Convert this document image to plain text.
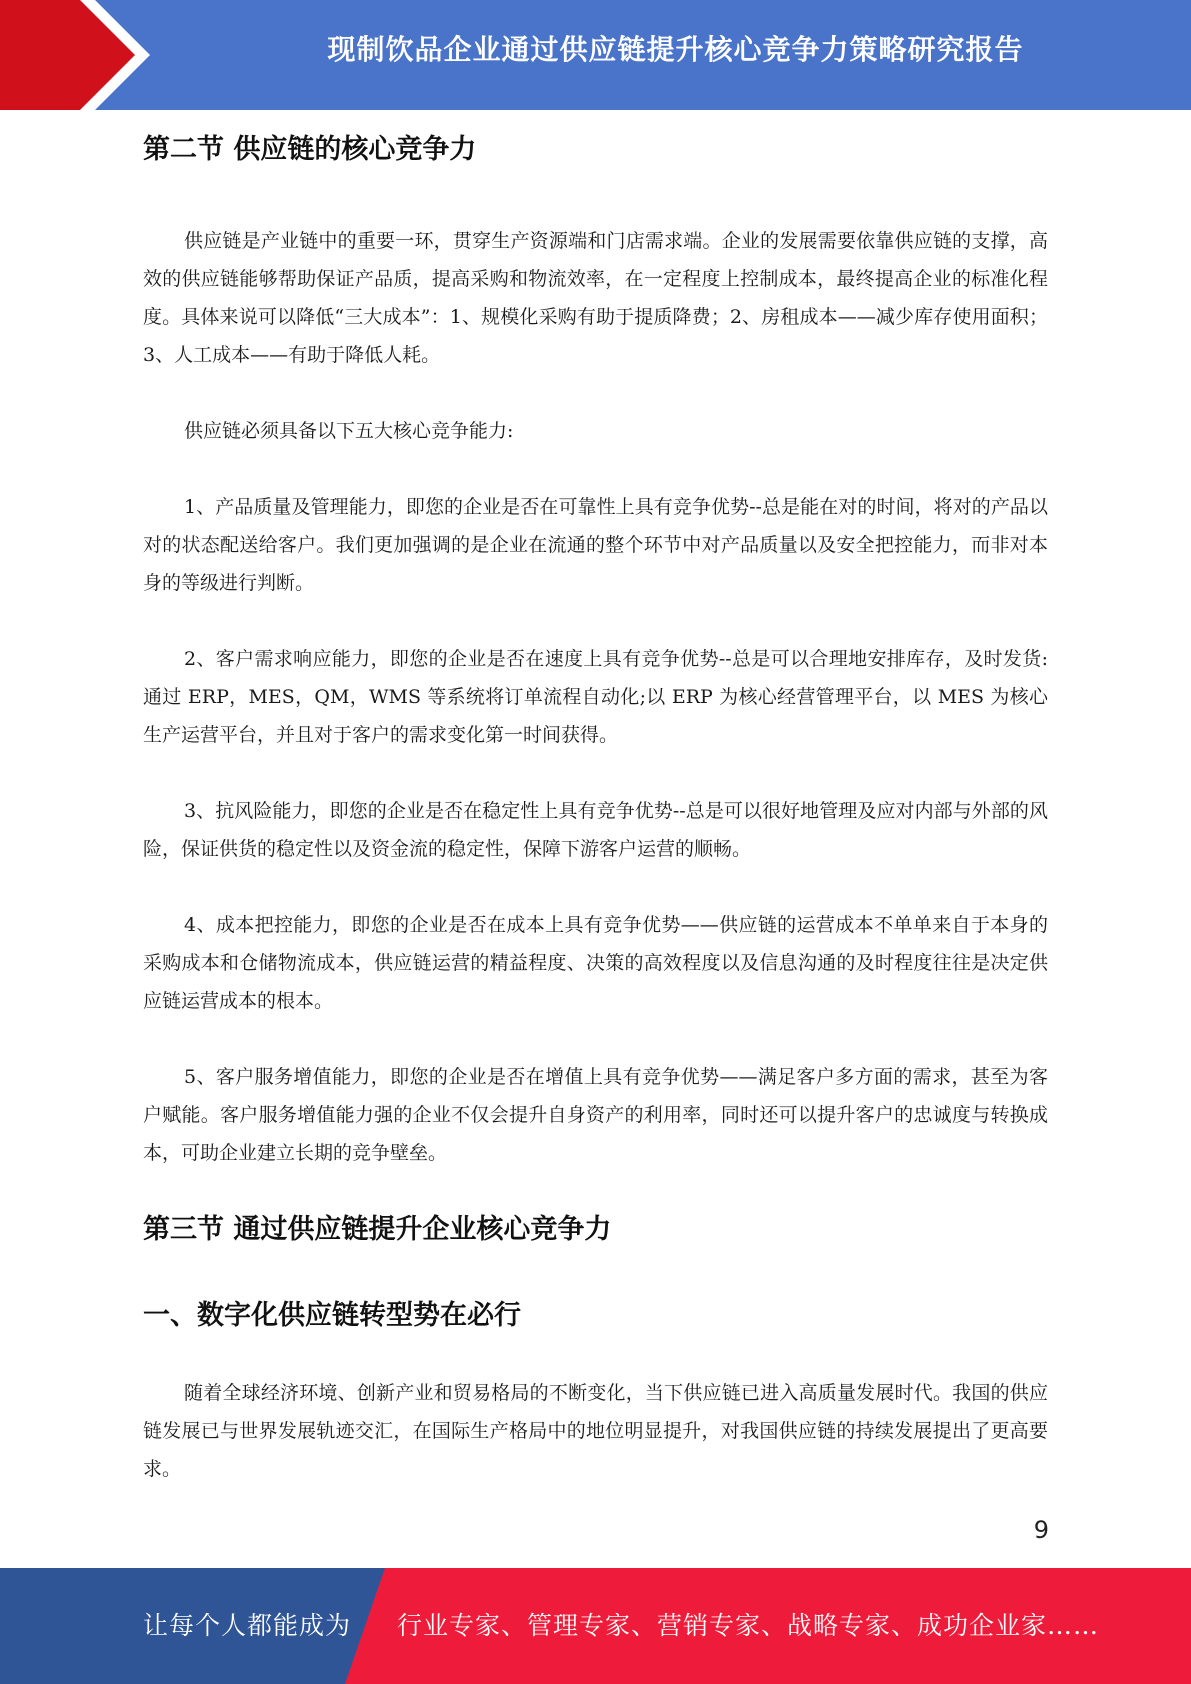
现制饮品企业通过供应链提升核心竞争力策略研究报告
第二节 供应链的核心竞争力

供应链是产业链中的重要一环，贯穿生产资源端和门店需求端。企业的发展需要依靠供应链的支撑，高效的供应链能够帮助保证产品质，提高采购和物流效率，在一定程度上控制成本，最终提高企业的标准化程度。具体来说可以降低“三大成本”：1、规模化采购有助于提质降费；2、房租成本——减少库存使用面积；3、人工成本——有助于降低人耗。

供应链必须具备以下五大核心竞争能力:

1、产品质量及管理能力，即您的企业是否在可靠性上具有竞争优势--总是能在对的时间，将对的产品以对的状态配送给客户。我们更加强调的是企业在流通的整个环节中对产品质量以及安全把控能力，而非对本身的等级进行判断。

2、客户需求响应能力，即您的企业是否在速度上具有竞争优势--总是可以合理地安排库存，及时发货:通过 ERP，MES，QM，WMS 等系统将订单流程自动化;以 ERP 为核心经营管理平台，以 MES 为核心生产运营平台，并且对于客户的需求变化第一时间获得。

3、抗风险能力，即您的企业是否在稳定性上具有竞争优势--总是可以很好地管理及应对内部与外部的风险，保证供货的稳定性以及资金流的稳定性，保障下游客户运营的顺畅。

4、成本把控能力，即您的企业是否在成本上具有竞争优势——供应链的运营成本不单单来自于本身的采购成本和仓储物流成本，供应链运营的精益程度、决策的高效程度以及信息沟通的及时程度往往是决定供应链运营成本的根本。

5、客户服务增值能力，即您的企业是否在增值上具有竞争优势——满足客户多方面的需求，甚至为客户赋能。客户服务增值能力强的企业不仅会提升自身资产的利用率，同时还可以提升客户的忠诚度与转换成本，可助企业建立长期的竞争壁垒。

第三节 通过供应链提升企业核心竞争力
一、数字化供应链转型势在必行

随着全球经济环境、创新产业和贸易格局的不断变化，当下供应链已进入高质量发展时代。我国的供应链发展已与世界发展轨迹交汇，在国际生产格局中的地位明显提升，对我国供应链的持续发展提出了更高要求。

9
让每个人都能成为 行业专家、管理专家、营销专家、战略专家、成功企业家……
